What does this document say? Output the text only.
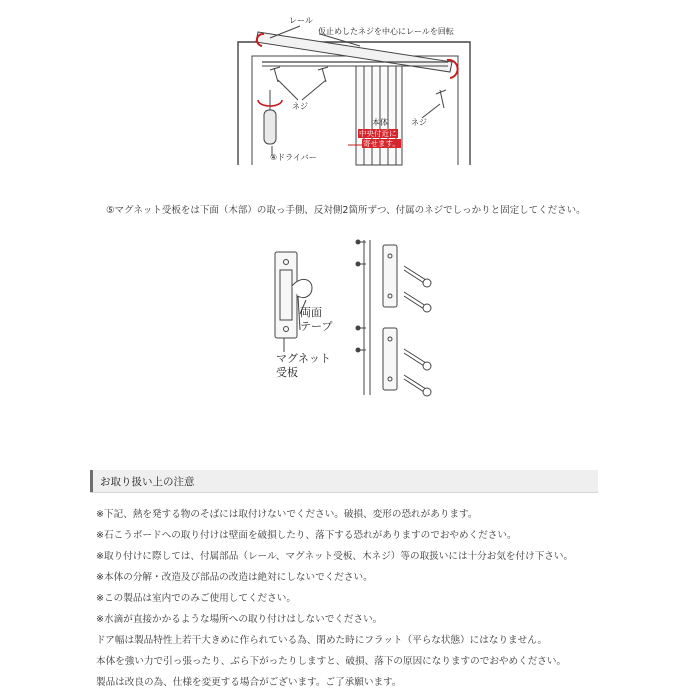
レール
仮止めしたネジを中心にレールを回転
ネジ
ネジ
本体
中央付近に
寄せます。
④ドライバー
⑤マグネット受板をは下面（木部）の取っ手側、反対側2箇所ずつ、付属のネジでしっかりと固定してください。
両面
テープ
マグネット
受板
お取り扱い上の注意
※下記、熱を発する物のそばには取付けないでください。破損、変形の恐れがあります。
※石こうボードへの取り付けは壁面を破損したり、落下する恐れがありますのでおやめください。
※取り付けに際しては、付属部品（レール、マグネット受板、木ネジ）等の取扱いには十分お気を付け下さい。
※本体の分解・改造及び部品の改造は絶対にしないでください。
※この製品は室内でのみご使用してください。
※水滴が直接かかるような場所への取り付けはしないでください。
ドア幅は製品特性上若干大きめに作られている為、閉めた時にフラット（平らな状態）にはなりません。
本体を強い力で引っ張ったり、ぶら下がったりしますと、破損、落下の原因になりますのでおやめください。
製品は改良の為、仕様を変更する場合がございます。ご了承願います。
